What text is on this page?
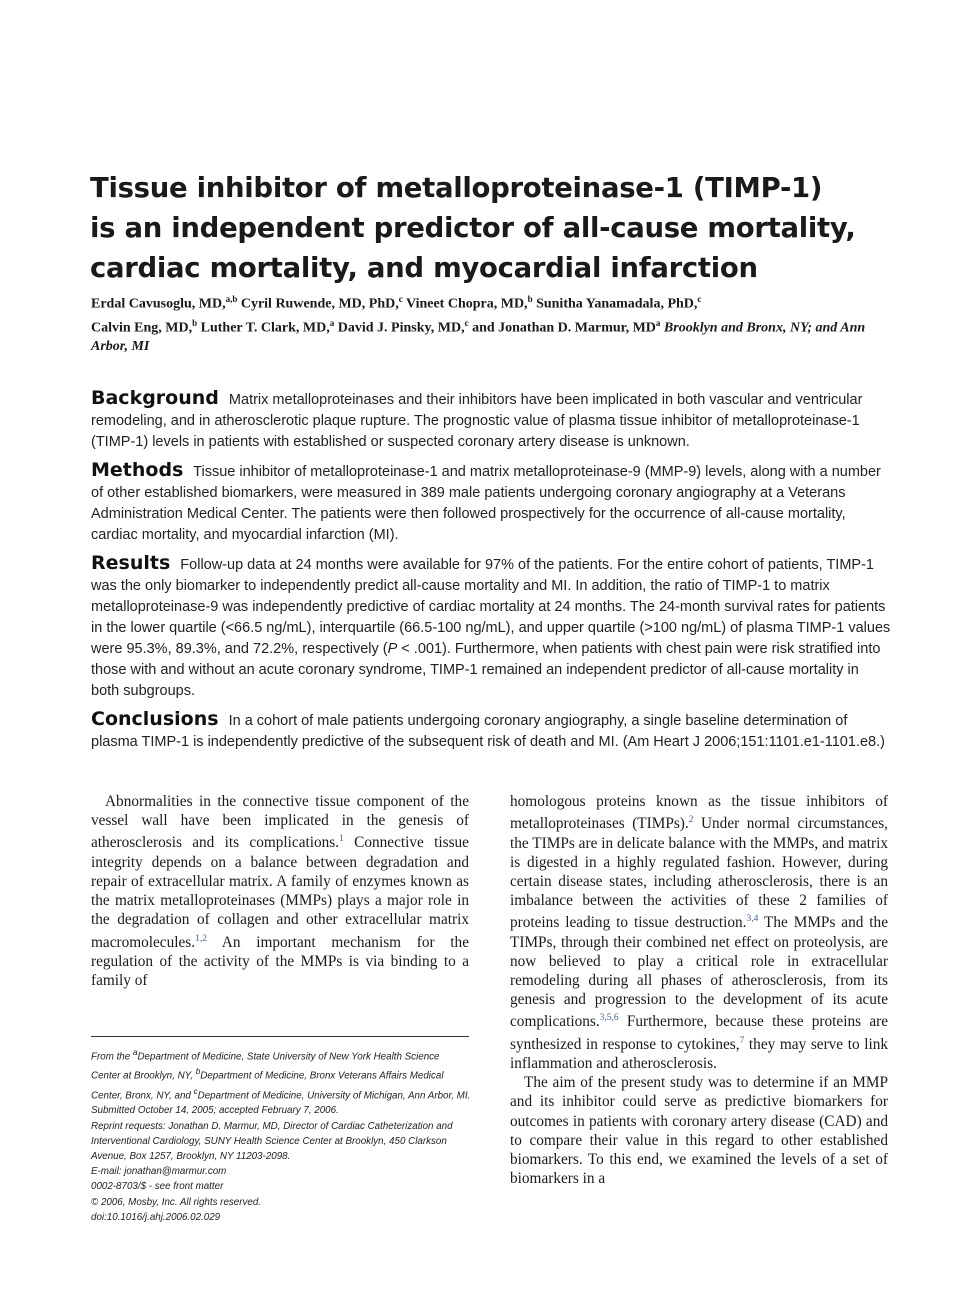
Tissue inhibitor of metalloproteinase-1 (TIMP-1)
is an independent predictor of all-cause mortality,
cardiac mortality, and myocardial infarction
Erdal Cavusoglu, MD,$^{a,b}$ Cyril Ruwende, MD, PhD,$^c$ Vineet Chopra, MD,$^b$ Sunitha Yanamadala, PhD,$^c$
Calvin Eng, MD,$^b$ Luther T. Clark, MD,$^a$ David J. Pinsky, MD,$^c$ and Jonathan D. Marmur, $MD^a$ Brooklyn and Bronx, NY; and Ann Arbor, MI

Background Matrix metalloproteinases and their inhibitors have been implicated in both vascular and ventricular remodeling, and in atherosclerotic plaque rupture. The prognostic value of plasma tissue inhibitor of metalloproteinase-1 (TIMP-1) levels in patients with established or suspected coronary artery disease is unknown.

Methods Tissue inhibitor of metalloproteinase-1 and matrix metalloproteinase-9 (MMP-9) levels, along with a number of other established biomarkers, were measured in 389 male patients undergoing coronary angiography at a Veterans Administration Medical Center. The patients were then followed prospectively for the occurrence of all-cause mortality, cardiac mortality, and myocardial infarction (MI).

Results Follow-up data at 24 months were available for 97% of the patients. For the entire cohort of patients, TIMP-1 was the only biomarker to independently predict all-cause mortality and MI. In addition, the ratio of TIMP-1 to matrix metalloproteinase-9 was independently predictive of cardiac mortality at 24 months. The 24-month survival rates for patients in the lower quartile (<66.5 ng/mL), interquartile (66.5-100 ng/mL), and upper quartile (>100 ng/mL) of plasma TIMP-1 values were 95.3%, 89.3%, and 72.2%, respectively (P < .001). Furthermore, when patients with chest pain were risk stratified into those with and without an acute coronary syndrome, TIMP-1 remained an independent predictor of all-cause mortality in both subgroups.

Conclusions In a cohort of male patients undergoing coronary angiography, a single baseline determination of plasma TIMP-1 is independently predictive of the subsequent risk of death and MI. (Am Heart J 2006;151:1101.e1-1101.e8.)

Abnormalities in the connective tissue component of the vessel wall have been implicated in the genesis of atherosclerosis and its complications.$^1$ Connective tissue integrity depends on a balance between degradation and repair of extracellular matrix. A family of enzymes known as the matrix metalloproteinases (MMPs) plays a major role in the degradation of collagen and other extracellular matrix macromolecules.$^{1,2}$ An important mechanism for the regulation of the activity of the MMPs is via binding to a family of

homologous proteins known as the tissue inhibitors of metalloproteinases (TIMPs).$^2$ Under normal circumstances, the TIMPs are in delicate balance with the MMPs, and matrix is digested in a highly regulated fashion. However, during certain disease states, including atherosclerosis, there is an imbalance between the activities of these 2 families of proteins leading to tissue destruction.$^{3,4}$ The MMPs and the TIMPs, through their combined net effect on proteolysis, are now believed to play a critical role in extracellular remodeling during all phases of atherosclerosis, from its genesis and progression to the development of its acute complications.$^{3,5,6}$ Furthermore, because these proteins are synthesized in response to cytokines,$^7$ they may serve to link inflammation and atherosclerosis.

The aim of the present study was to determine if an MMP and its inhibitor could serve as predictive biomarkers for outcomes in patients with coronary artery disease (CAD) and to compare their value in this regard to other established biomarkers. To this end, we examined the levels of a set of biomarkers in a

From the $^a$Department of Medicine, State University of New York Health Science Center at Brooklyn, NY, $^b$Department of Medicine, Bronx Veterans Affairs Medical Center, Bronx, NY, and $^c$Department of Medicine, University of Michigan, Ann Arbor, MI.
Submitted October 14, 2005; accepted February 7, 2006.
Reprint requests: Jonathan D. Marmur, MD, Director of Cardiac Catheterization and Interventional Cardiology, SUNY Health Science Center at Brooklyn, 450 Clarkson Avenue, Box 1257, Brooklyn, NY 11203-2098.
E-mail: jonathan@marmur.com
0002-8703/$ - see front matter
© 2006, Mosby, Inc. All rights reserved.
doi:10.1016/j.ahj.2006.02.029
